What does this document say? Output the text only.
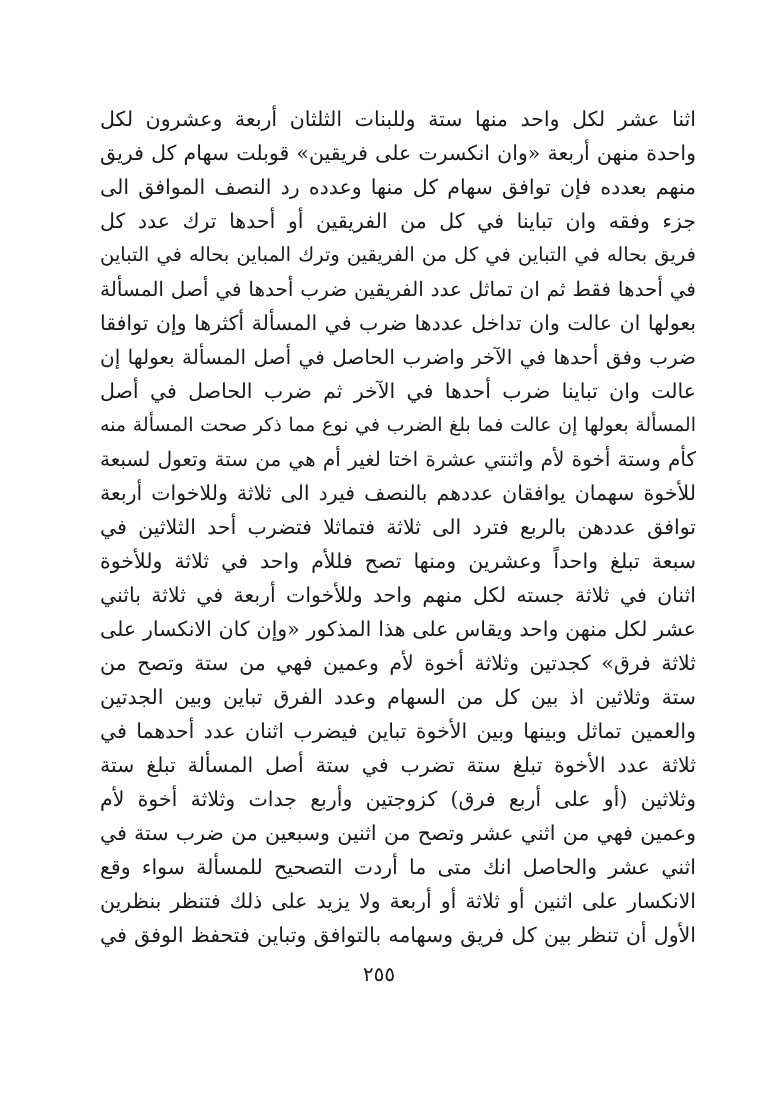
اثنا عشر لكل واحد منها ستة وللبنات الثلثان أربعة وعشرون لكل
واحدة منهن أربعة «وان انكسرت على فريقين» قوبلت سهام كل فريق
منهم بعدده فإن توافق سهام كل منها وعدده رد النصف الموافق الى
جزء وفقه وان تباينا في كل من الفريقين أو أحدها ترك عدد كل
فريق بحاله في التباين في كل من الفريقين وترك المباين بحاله في التباين
في أحدها فقط ثم ان تماثل عدد الفريقين ضرب أحدها في أصل المسألة
بعولها ان عالت وان تداخل عددها ضرب في المسألة أكثرها وإن توافقا
ضرب وفق أحدها في الآخر واضرب الحاصل في أصل المسألة بعولها إن
عالت وان تباينا ضرب أحدها في الآخر ثم ضرب الحاصل في أصل
المسألة بعولها إن عالت فما بلغ الضرب في نوع مما ذكر صحت المسألة منه
كأم وستة أخوة لأم واثنتي عشرة اختا لغير أم هي من ستة وتعول لسبعة
للأخوة سهمان يوافقان عددهم بالنصف فيرد الى ثلاثة وللاخوات أربعة
توافق عددهن بالربع فترد الى ثلاثة فتماثلا فتضرب أحد الثلاثين في
سبعة تبلغ واحداً وعشرين ومنها تصح فللأم واحد في ثلاثة وللأخوة
اثنان في ثلاثة جسته لكل منهم واحد وللأخوات أربعة في ثلاثة باثني
عشر لكل منهن واحد ويقاس على هذا المذكور «وإن كان الانكسار على
ثلاثة فرق» كجدتين وثلاثة أخوة لأم وعمين فهي من ستة وتصح من
ستة وثلاثين اذ بين كل من السهام وعدد الفرق تباين وبين الجدتين
والعمين تماثل وبينها وبين الأخوة تباين فيضرب اثنان عدد أحدهما في
ثلاثة عدد الأخوة تبلغ ستة تضرب في ستة أصل المسألة تبلغ ستة
وثلاثين (أو على أربع فرق) كزوجتين وأربع جدات وثلاثة أخوة لأم
وعمين فهي من اثني عشر وتصح من اثنين وسبعين من ضرب ستة في
اثني عشر والحاصل انك متى ما أردت التصحيح للمسألة سواء وقع
الانكسار على اثنين أو ثلاثة أو أربعة ولا يزيد على ذلك فتنظر بنظرين
الأول أن تنظر بين كل فريق وسهامه بالتوافق وتباين فتحفظ الوفق في
٢٥٥
